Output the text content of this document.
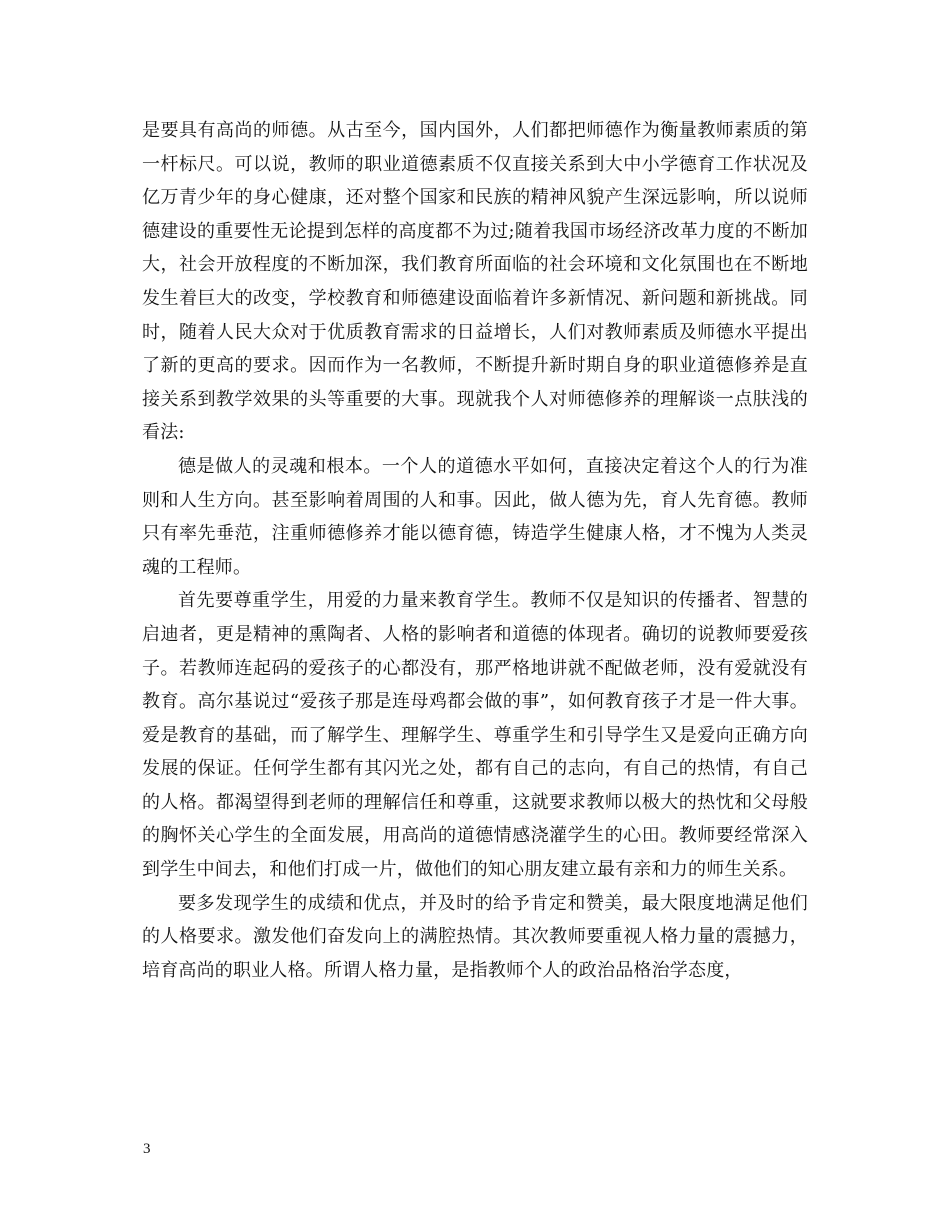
是要具有高尚的师德。从古至今，国内国外，人们都把师德作为衡量教师素质的第一杆标尺。可以说，教师的职业道德素质不仅直接关系到大中小学德育工作状况及亿万青少年的身心健康，还对整个国家和民族的精神风貌产生深远影响，所以说师德建设的重要性无论提到怎样的高度都不为过;随着我国市场经济改革力度的不断加大，社会开放程度的不断加深，我们教育所面临的社会环境和文化氛围也在不断地发生着巨大的改变，学校教育和师德建设面临着许多新情况、新问题和新挑战。同时，随着人民大众对于优质教育需求的日益增长，人们对教师素质及师德水平提出了新的更高的要求。因而作为一名教师，不断提升新时期自身的职业道德修养是直接关系到教学效果的头等重要的大事。现就我个人对师德修养的理解谈一点肤浅的看法:

德是做人的灵魂和根本。一个人的道德水平如何，直接决定着这个人的行为准则和人生方向。甚至影响着周围的人和事。因此，做人德为先，育人先育德。教师只有率先垂范，注重师德修养才能以德育德，铸造学生健康人格，才不愧为人类灵魂的工程师。

首先要尊重学生，用爱的力量来教育学生。教师不仅是知识的传播者、智慧的启迪者，更是精神的熏陶者、人格的影响者和道德的体现者。确切的说教师要爱孩子。若教师连起码的爱孩子的心都没有，那严格地讲就不配做老师，没有爱就没有教育。高尔基说过“爱孩子那是连母鸡都会做的事”，如何教育孩子才是一件大事。爱是教育的基础，而了解学生、理解学生、尊重学生和引导学生又是爱向正确方向发展的保证。任何学生都有其闪光之处，都有自己的志向，有自己的热情，有自己的人格。都渴望得到老师的理解信任和尊重，这就要求教师以极大的热忱和父母般的胸怀关心学生的全面发展，用高尚的道德情感浇灌学生的心田。教师要经常深入到学生中间去，和他们打成一片，做他们的知心朋友建立最有亲和力的师生关系。

要多发现学生的成绩和优点，并及时的给予肯定和赞美，最大限度地满足他们的人格要求。激发他们奋发向上的满腔热情。其次教师要重视人格力量的震撼力，培育高尚的职业人格。所谓人格力量，是指教师个人的政治品格治学态度，

3
